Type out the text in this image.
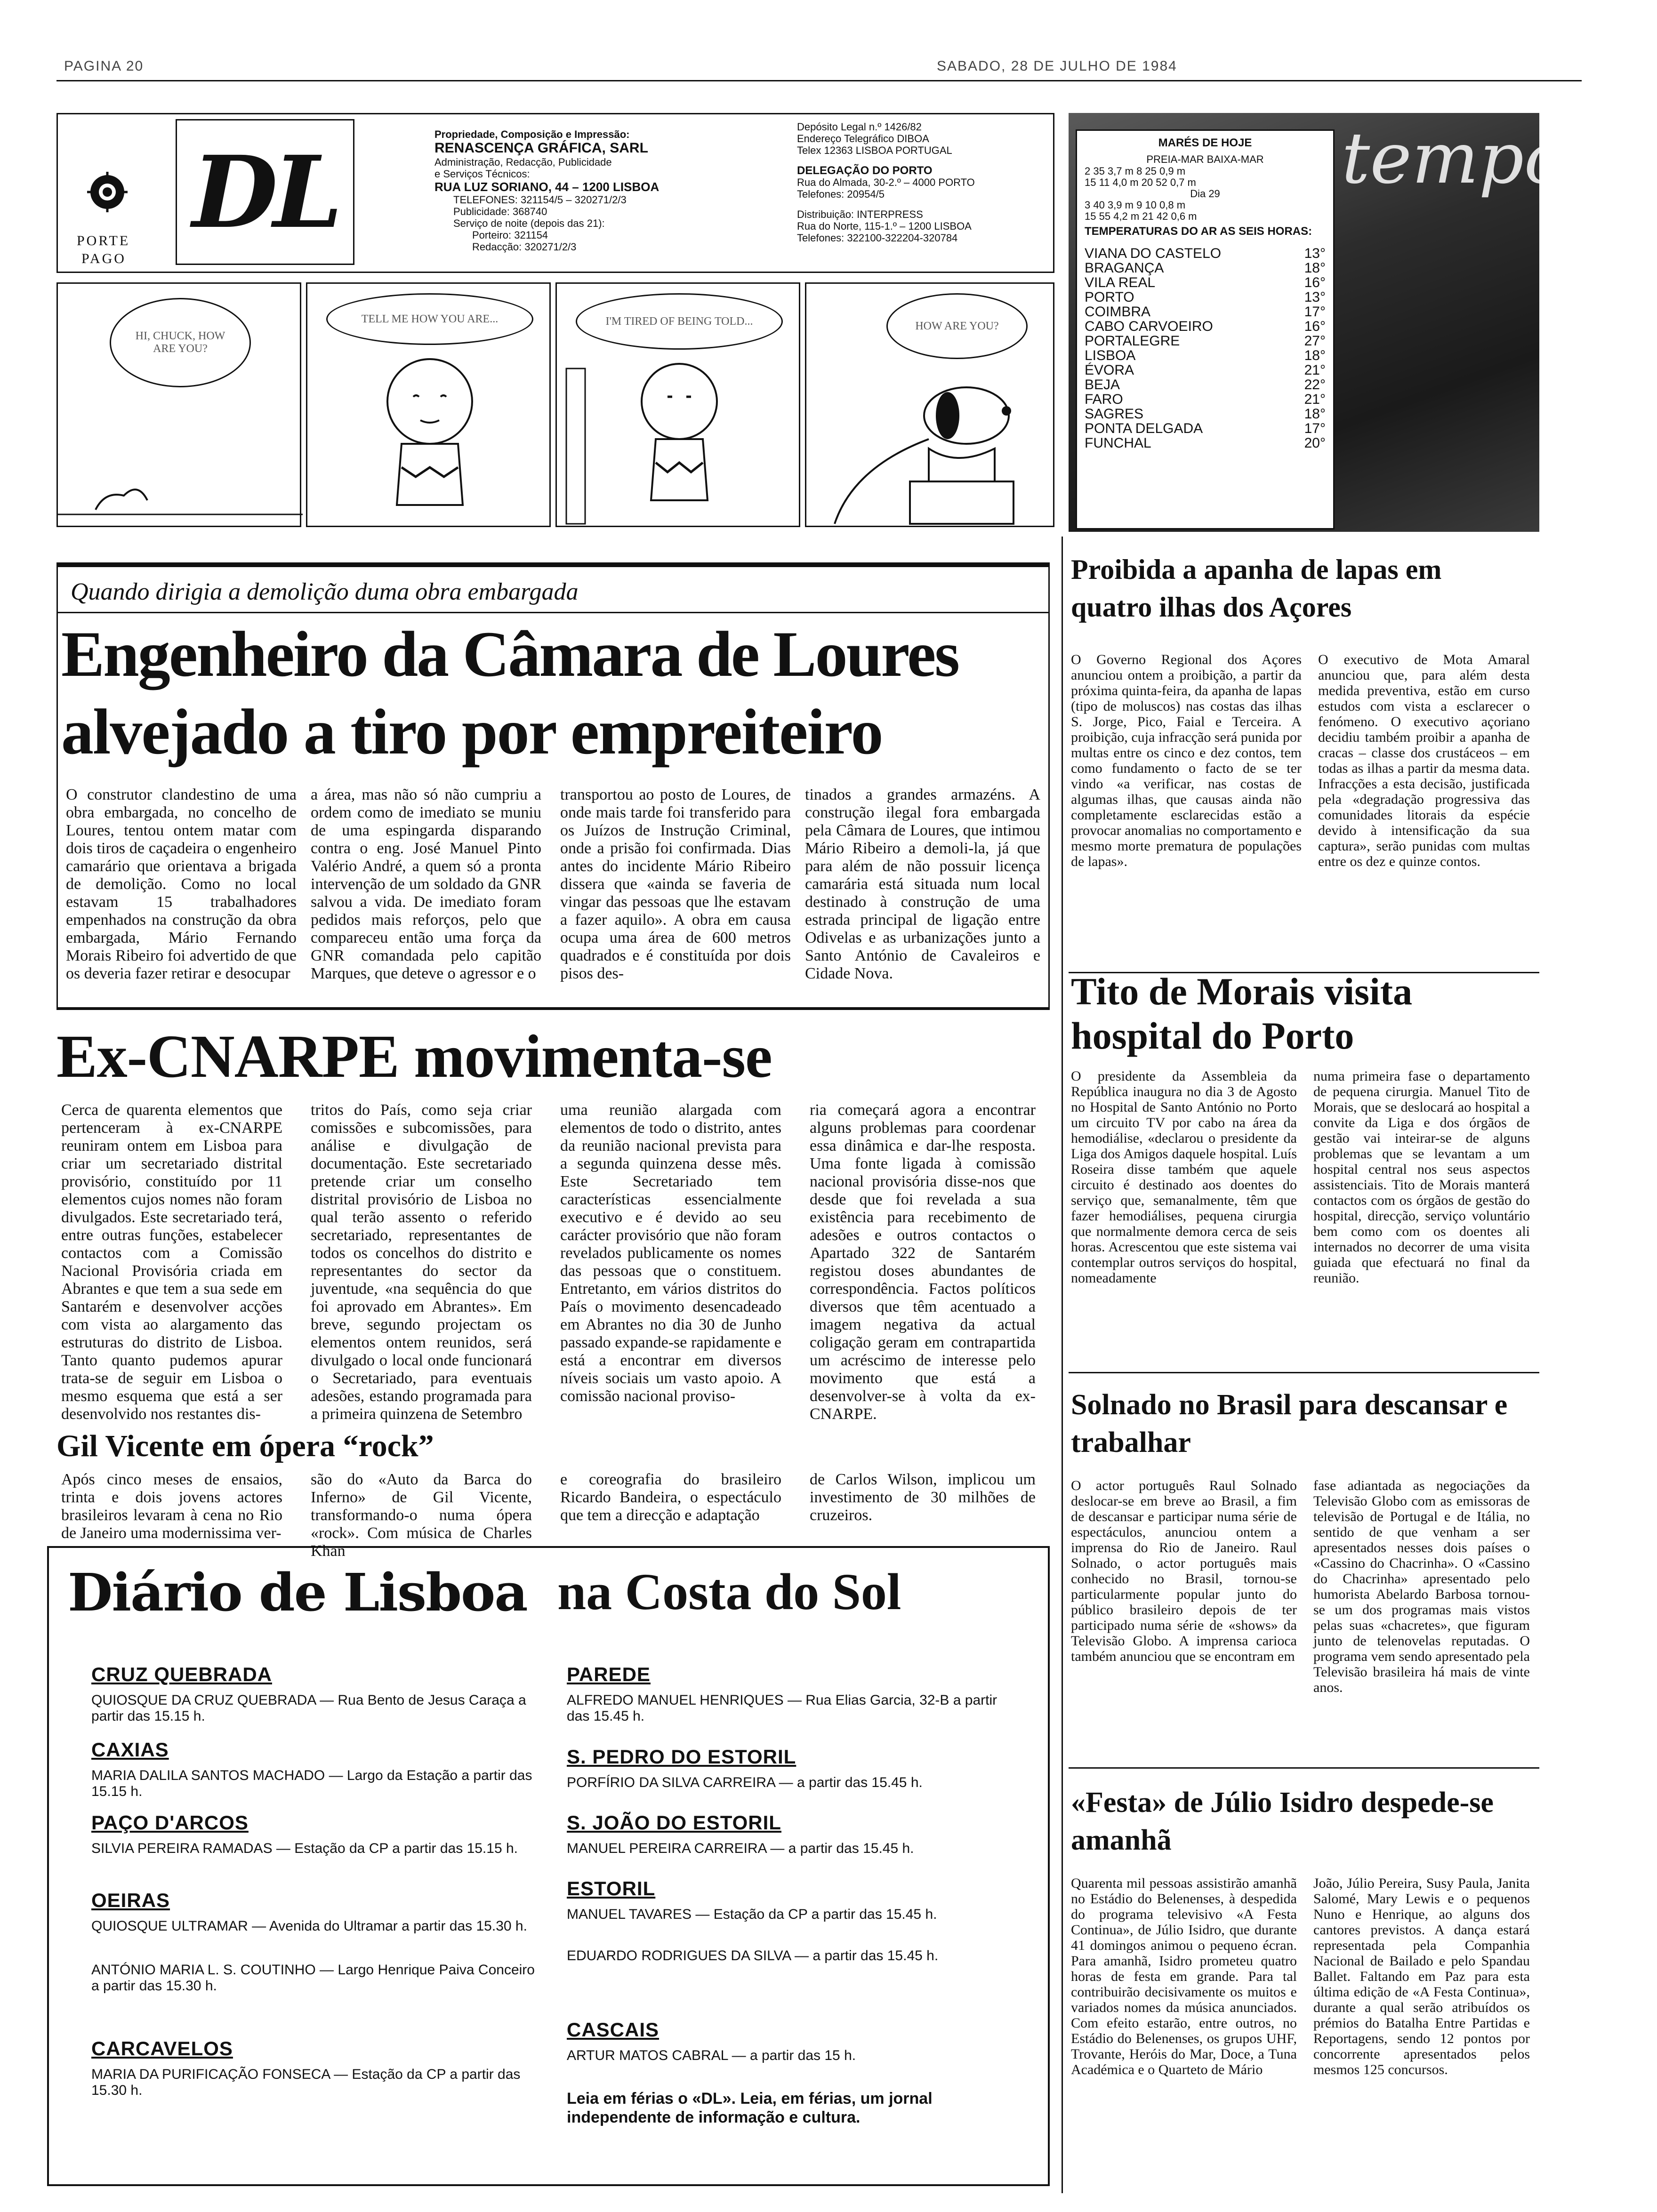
PAGINA 20	SABADO, 28 DE JULHO DE 1984
PORTE
PAGO
DL	Propriedade, Composição e Impressão:
RENASCENÇA GRÁFICA, SARL
Administração, Redacção, Publicidade
e Serviços Técnicos:
RUA LUZ SORIANO, 44 – 1200 LISBOA
TELEFONES: 321154/5 – 320271/2/3
Publicidade: 368740
Serviço de noite (depois das 21):
Porteiro: 321154
Redacção: 320271/2/3
Depósito Legal n.º 1426/82
Endereço Telegráfico DIBOA
Telex 12363 LISBOA PORTUGAL
DELEGAÇÃO DO PORTO
Rua do Almada, 30-2.º – 4000 PORTO
Telefones: 20954/5
Distribuição: INTERPRESS
Rua do Norte, 115-1.º – 1200 LISBOA
Telefones: 322100-322204-320784
HI, CHUCK, HOW ARE YOU?
TELL ME HOW YOU ARE...	I'M TIRED OF BEING TOLD...	HOW ARE YOU?
tempo
MARÉS DE HOJE
PREIA-MAR BAIXA-MAR
2 35 3,7 m 8 25 0,9 m
15 11 4,0 m 20 52 0,7 m
Dia 29
3 40 3,9 m 9 10 0,8 m
15 55 4,2 m 21 42 0,6 m
TEMPERATURAS DO AR AS SEIS HORAS:
VIANA DO CASTELO	13°
BRAGANÇA	18°
VILA REAL	16°
PORTO	13°
COIMBRA	17°
CABO CARVOEIRO	16°
PORTALEGRE	27°
LISBOA	18°
ÉVORA	21°
BEJA	22°
FARO	21°
SAGRES	18°
PONTA DELGADA	17°
FUNCHAL	20°
Quando dirigia a demolição duma obra embargada
Engenheiro da Câmara de Loures
alvejado a tiro por empreiteiro

O construtor clandestino de uma obra embargada, no concelho de Loures, tentou ontem matar com dois tiros de caçadeira o engenheiro camarário que orientava a brigada de demolição. Como no local estavam 15 trabalhadores empenhados na construção da obra embargada, Mário Fernando Morais Ribeiro foi advertido de que os deveria fazer retirar e desocupar

a área, mas não só não cumpriu a ordem como de imediato se muniu de uma espingarda disparando contra o eng. José Manuel Pinto Valério André, a quem só a pronta intervenção de um soldado da GNR salvou a vida. De imediato foram pedidos mais reforços, pelo que compareceu então uma força da GNR comandada pelo capitão Marques, que deteve o agressor e o

transportou ao posto de Loures, de onde mais tarde foi transferido para os Juízos de Instrução Criminal, onde a prisão foi confirmada. Dias antes do incidente Mário Ribeiro dissera que «ainda se faveria de vingar das pessoas que lhe estavam a fazer aquilo». A obra em causa ocupa uma área de 600 metros quadrados e é constituída por dois pisos des-

tinados a grandes armazéns. A construção ilegal fora embargada pela Câmara de Loures, que intimou Mário Ribeiro a demoli-la, já que para além de não possuir licença camarária está situada num local destinado à construção de uma estrada principal de ligação entre Odivelas e as urbanizações junto a Santo António de Cavaleiros e Cidade Nova.

Ex-CNARPE movimenta-se

Cerca de quarenta elementos que pertenceram à ex-CNARPE reuniram ontem em Lisboa para criar um secretariado distrital provisório, constituído por 11 elementos cujos nomes não foram divulgados. Este secretariado terá, entre outras funções, estabelecer contactos com a Comissão Nacional Provisória criada em Abrantes e que tem a sua sede em Santarém e desenvolver acções com vista ao alargamento das estruturas do distrito de Lisboa. Tanto quanto pudemos apurar trata-se de seguir em Lisboa o mesmo esquema que está a ser desenvolvido nos restantes dis-

tritos do País, como seja criar comissões e subcomissões, para análise e divulgação de documentação. Este secretariado pretende criar um conselho distrital provisório de Lisboa no qual terão assento o referido secretariado, representantes de todos os concelhos do distrito e representantes do sector da juventude, «na sequência do que foi aprovado em Abrantes». Em breve, segundo projectam os elementos ontem reunidos, será divulgado o local onde funcionará o Secretariado, para eventuais adesões, estando programada para a primeira quinzena de Setembro

uma reunião alargada com elementos de todo o distrito, antes da reunião nacional prevista para a segunda quinzena desse mês. Este Secretariado tem características essencialmente executivo e é devido ao seu carácter provisório que não foram revelados publicamente os nomes das pessoas que o constituem. Entretanto, em vários distritos do País o movimento desencadeado em Abrantes no dia 30 de Junho passado expande-se rapidamente e está a encontrar em diversos níveis sociais um vasto apoio. A comissão nacional proviso-

ria começará agora a encontrar alguns problemas para coordenar essa dinâmica e dar-lhe resposta. Uma fonte ligada à comissão nacional provisória disse-nos que desde que foi revelada a sua existência para recebimento de adesões e outros contactos o Apartado 322 de Santarém registou doses abundantes de correspondência. Factos políticos diversos que têm acentuado a imagem negativa da actual coligação geram em contrapartida um acréscimo de interesse pelo movimento que está a desenvolver-se à volta da ex-CNARPE.

Gil Vicente em ópera “rock”

Após cinco meses de ensaios, trinta e dois jovens actores brasileiros levaram à cena no Rio de Janeiro uma modernissima ver-

são do «Auto da Barca do Inferno» de Gil Vicente, transformando-o numa ópera «rock». Com música de Charles Khan

e coreografia do brasileiro Ricardo Bandeira, o espectáculo que tem a direcção e adaptação

de Carlos Wilson, implicou um investimento de 30 milhões de cruzeiros.

Diário de Lisboa na Costa do Sol
CRUZ QUEBRADA
QUIOSQUE DA CRUZ QUEBRADA — Rua Bento de Jesus Caraça a partir das 15.15 h.
CAXIAS
MARIA DALILA SANTOS MACHADO — Largo da Estação a partir das 15.15 h.
PAÇO D'ARCOS
SILVIA PEREIRA RAMADAS — Estação da CP a partir das 15.15 h.
OEIRAS
QUIOSQUE ULTRAMAR — Avenida do Ultramar a partir das 15.30 h.
ANTÓNIO MARIA L. S. COUTINHO — Largo Henrique Paiva Conceiro a partir das 15.30 h.
CARCAVELOS
MARIA DA PURIFICAÇÃO FONSECA — Estação da CP a partir das 15.30 h.
PAREDE
ALFREDO MANUEL HENRIQUES — Rua Elias Garcia, 32-B a partir das 15.45 h.
S. PEDRO DO ESTORIL
PORFÍRIO DA SILVA CARREIRA — a partir das 15.45 h.
S. JOÃO DO ESTORIL
MANUEL PEREIRA CARREIRA — a partir das 15.45 h.
ESTORIL
MANUEL TAVARES — Estação da CP a partir das 15.45 h.
EDUARDO RODRIGUES DA SILVA — a partir das 15.45 h.
CASCAIS
ARTUR MATOS CABRAL — a partir das 15 h.
Leia em férias o «DL». Leia, em férias, um jornal independente de informação e cultura.
Proibida a apanha de lapas em quatro ilhas dos Açores

O Governo Regional dos Açores anunciou ontem a proibição, a partir da próxima quinta-feira, da apanha de lapas (tipo de moluscos) nas costas das ilhas S. Jorge, Pico, Faial e Terceira. A proibição, cuja infracção será punida por multas entre os cinco e dez contos, tem como fundamento o facto de se ter vindo «a verificar, nas costas de algumas ilhas, que causas ainda não completamente esclarecidas estão a provocar anomalias no comportamento e mesmo morte prematura de populações de lapas».

O executivo de Mota Amaral anunciou que, para além desta medida preventiva, estão em curso estudos com vista a esclarecer o fenómeno. O executivo açoriano decidiu também proibir a apanha de cracas – classe dos crustáceos – em todas as ilhas a partir da mesma data. Infracções a esta decisão, justificada pela «degradação progressiva das comunidades litorais da espécie devido à intensificação da sua captura», serão punidas com multas entre os dez e quinze contos.

Tito de Morais visita hospital do Porto

O presidente da Assembleia da República inaugura no dia 3 de Agosto no Hospital de Santo António no Porto um circuito TV por cabo na área da hemodiálise, «declarou o presidente da Liga dos Amigos daquele hospital. Luís Roseira disse também que aquele circuito é destinado aos doentes do serviço que, semanalmente, têm que fazer hemodiálises, pequena cirurgia que normalmente demora cerca de seis horas. Acrescentou que este sistema vai contemplar outros serviços do hospital, nomeadamente

numa primeira fase o departamento de pequena cirurgia. Manuel Tito de Morais, que se deslocará ao hospital a convite da Liga e dos órgãos de gestão vai inteirar-se de alguns problemas que se levantam a um hospital central nos seus aspectos assistenciais. Tito de Morais manterá contactos com os órgãos de gestão do hospital, direcção, serviço voluntário bem como com os doentes ali internados no decorrer de uma visita guiada que efectuará no final da reunião.

Solnado no Brasil para descansar e trabalhar

O actor português Raul Solnado deslocar-se em breve ao Brasil, a fim de descansar e participar numa série de espectáculos, anunciou ontem a imprensa do Rio de Janeiro. Raul Solnado, o actor português mais conhecido no Brasil, tornou-se particularmente popular junto do público brasileiro depois de ter participado numa série de «shows» da Televisão Globo. A imprensa carioca também anunciou que se encontram em

fase adiantada as negociações da Televisão Globo com as emissoras de televisão de Portugal e de Itália, no sentido de que venham a ser apresentados nesses dois países o «Cassino do Chacrinha». O «Cassino do Chacrinha» apresentado pelo humorista Abelardo Barbosa tornou-se um dos programas mais vistos pelas suas «chacretes», que figuram junto de telenovelas reputadas. O programa vem sendo apresentado pela Televisão brasileira há mais de vinte anos.

«Festa» de Júlio Isidro despede-se amanhã

Quarenta mil pessoas assistirão amanhã no Estádio do Belenenses, à despedida do programa televisivo «A Festa Continua», de Júlio Isidro, que durante 41 domingos animou o pequeno écran. Para amanhã, Isidro prometeu quatro horas de festa em grande. Para tal contribuirão decisivamente os muitos e variados nomes da música anunciados. Com efeito estarão, entre outros, no Estádio do Belenenses, os grupos UHF, Trovante, Heróis do Mar, Doce, a Tuna Académica e o Quarteto de Mário

João, Júlio Pereira, Susy Paula, Janita Salomé, Mary Lewis e o pequenos Nuno e Henrique, ao alguns dos cantores previstos. A dança estará representada pela Companhia Nacional de Bailado e pelo Spandau Ballet. Faltando em Paz para esta última edição de «A Festa Continua», durante a qual serão atribuídos os prémios do Batalha Entre Partidas e Reportagens, sendo 12 pontos por concorrente apresentados pelos mesmos 125 concursos.
